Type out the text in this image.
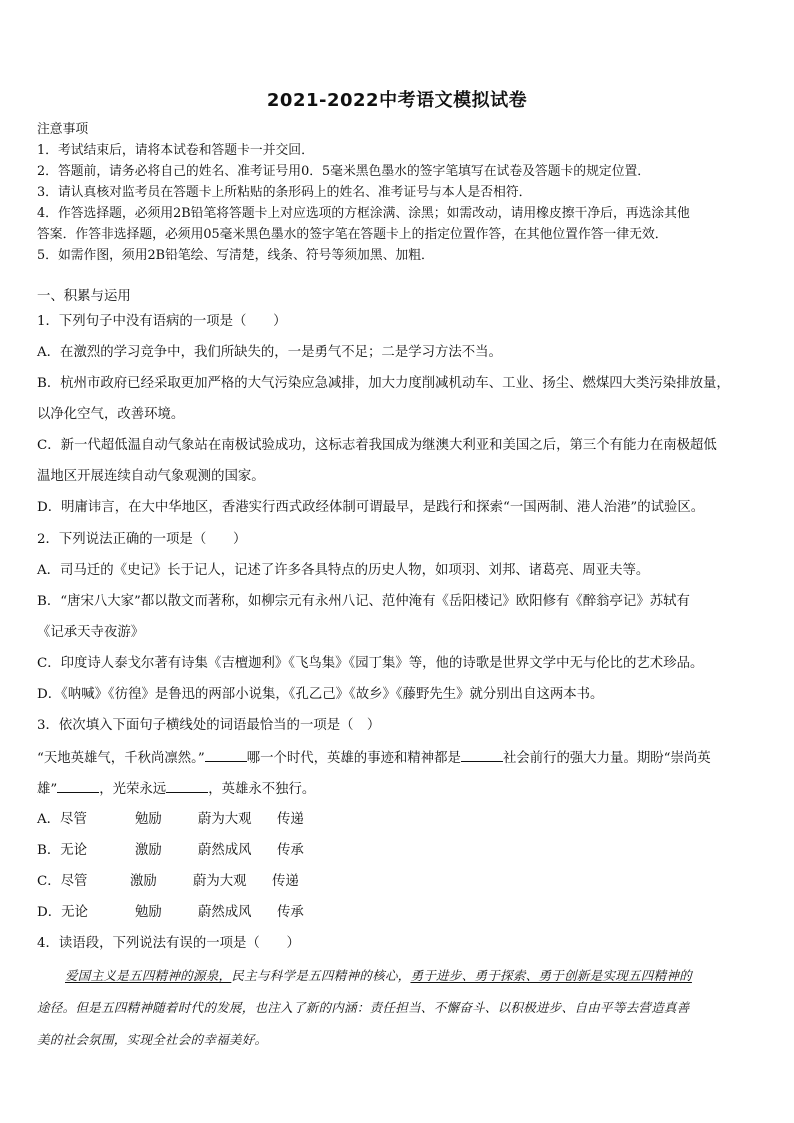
2021-2022中考语文模拟试卷
注意事项
1．考试结束后，请将本试卷和答题卡一并交回．
2．答题前，请务必将自己的姓名、准考证号用0．5毫米黑色墨水的签字笔填写在试卷及答题卡的规定位置．
3．请认真核对监考员在答题卡上所粘贴的条形码上的姓名、准考证号与本人是否相符．
4．作答选择题，必须用2B铅笔将答题卡上对应选项的方框涂满、涂黑；如需改动，请用橡皮擦干净后，再选涂其他
答案．作答非选择题，必须用05毫米黑色墨水的签字笔在答题卡上的指定位置作答，在其他位置作答一律无效．
5．如需作图，须用2B铅笔绘、写清楚，线条、符号等须加黑、加粗．
一、积累与运用
1．下列句子中没有语病的一项是（　　）
A．在激烈的学习竞争中，我们所缺失的，一是勇气不足；二是学习方法不当。
B．杭州市政府已经采取更加严格的大气污染应急减排，加大力度削减机动车、工业、扬尘、燃煤四大类污染排放量，
以净化空气，改善环境。
C．新一代超低温自动气象站在南极试验成功，这标志着我国成为继澳大利亚和美国之后，第三个有能力在南极超低
温地区开展连续自动气象观测的国家。
D．明庸讳言，在大中华地区，香港实行西式政经体制可谓最早，是践行和探索“一国两制、港人治港”的试验区。
2．下列说法正确的一项是（　　）
A．司马迁的《史记》长于记人，记述了许多各具特点的历史人物，如项羽、刘邦、诸葛亮、周亚夫等。
B．“唐宋八大家”都以散文而著称，如柳宗元有永州八记、范仲淹有《岳阳楼记》欧阳修有《醉翁亭记》苏轼有
《记承天寺夜游》
C．印度诗人泰戈尔著有诗集《吉檀迦利》《飞鸟集》《园丁集》等，他的诗歌是世界文学中无与伦比的艺术珍品。
D．《呐喊》《彷徨》是鲁迅的两部小说集，《孔乙己》《故乡》《藤野先生》就分别出自这两本书。
3．依次填入下面句子横线处的词语最恰当的一项是（　）
“天地英雄气，千秋尚凛然。”	哪一个时代，英雄的事迹和精神都是	社会前行的强大力量。期盼“崇尚英
雄”	，光荣永远	，英雄永不独行。
A．尽管	勉励	蔚为大观 传递
B．无论	激励	蔚然成风 传承
C．尽管	激励	蔚为大观 传递
D．无论	勉励	蔚然成风 传承
4．读语段，下列说法有误的一项是（　　）
爱国主义是五四精神的源泉，民主与科学是五四精神的核心，勇于进步、勇于探索、勇于创新是实现五四精神的
途径。但是五四精神随着时代的发展，也注入了新的内涵：责任担当、不懈奋斗、以积极进步、自由平等去营造真善
美的社会氛围，实现全社会的幸福美好。
